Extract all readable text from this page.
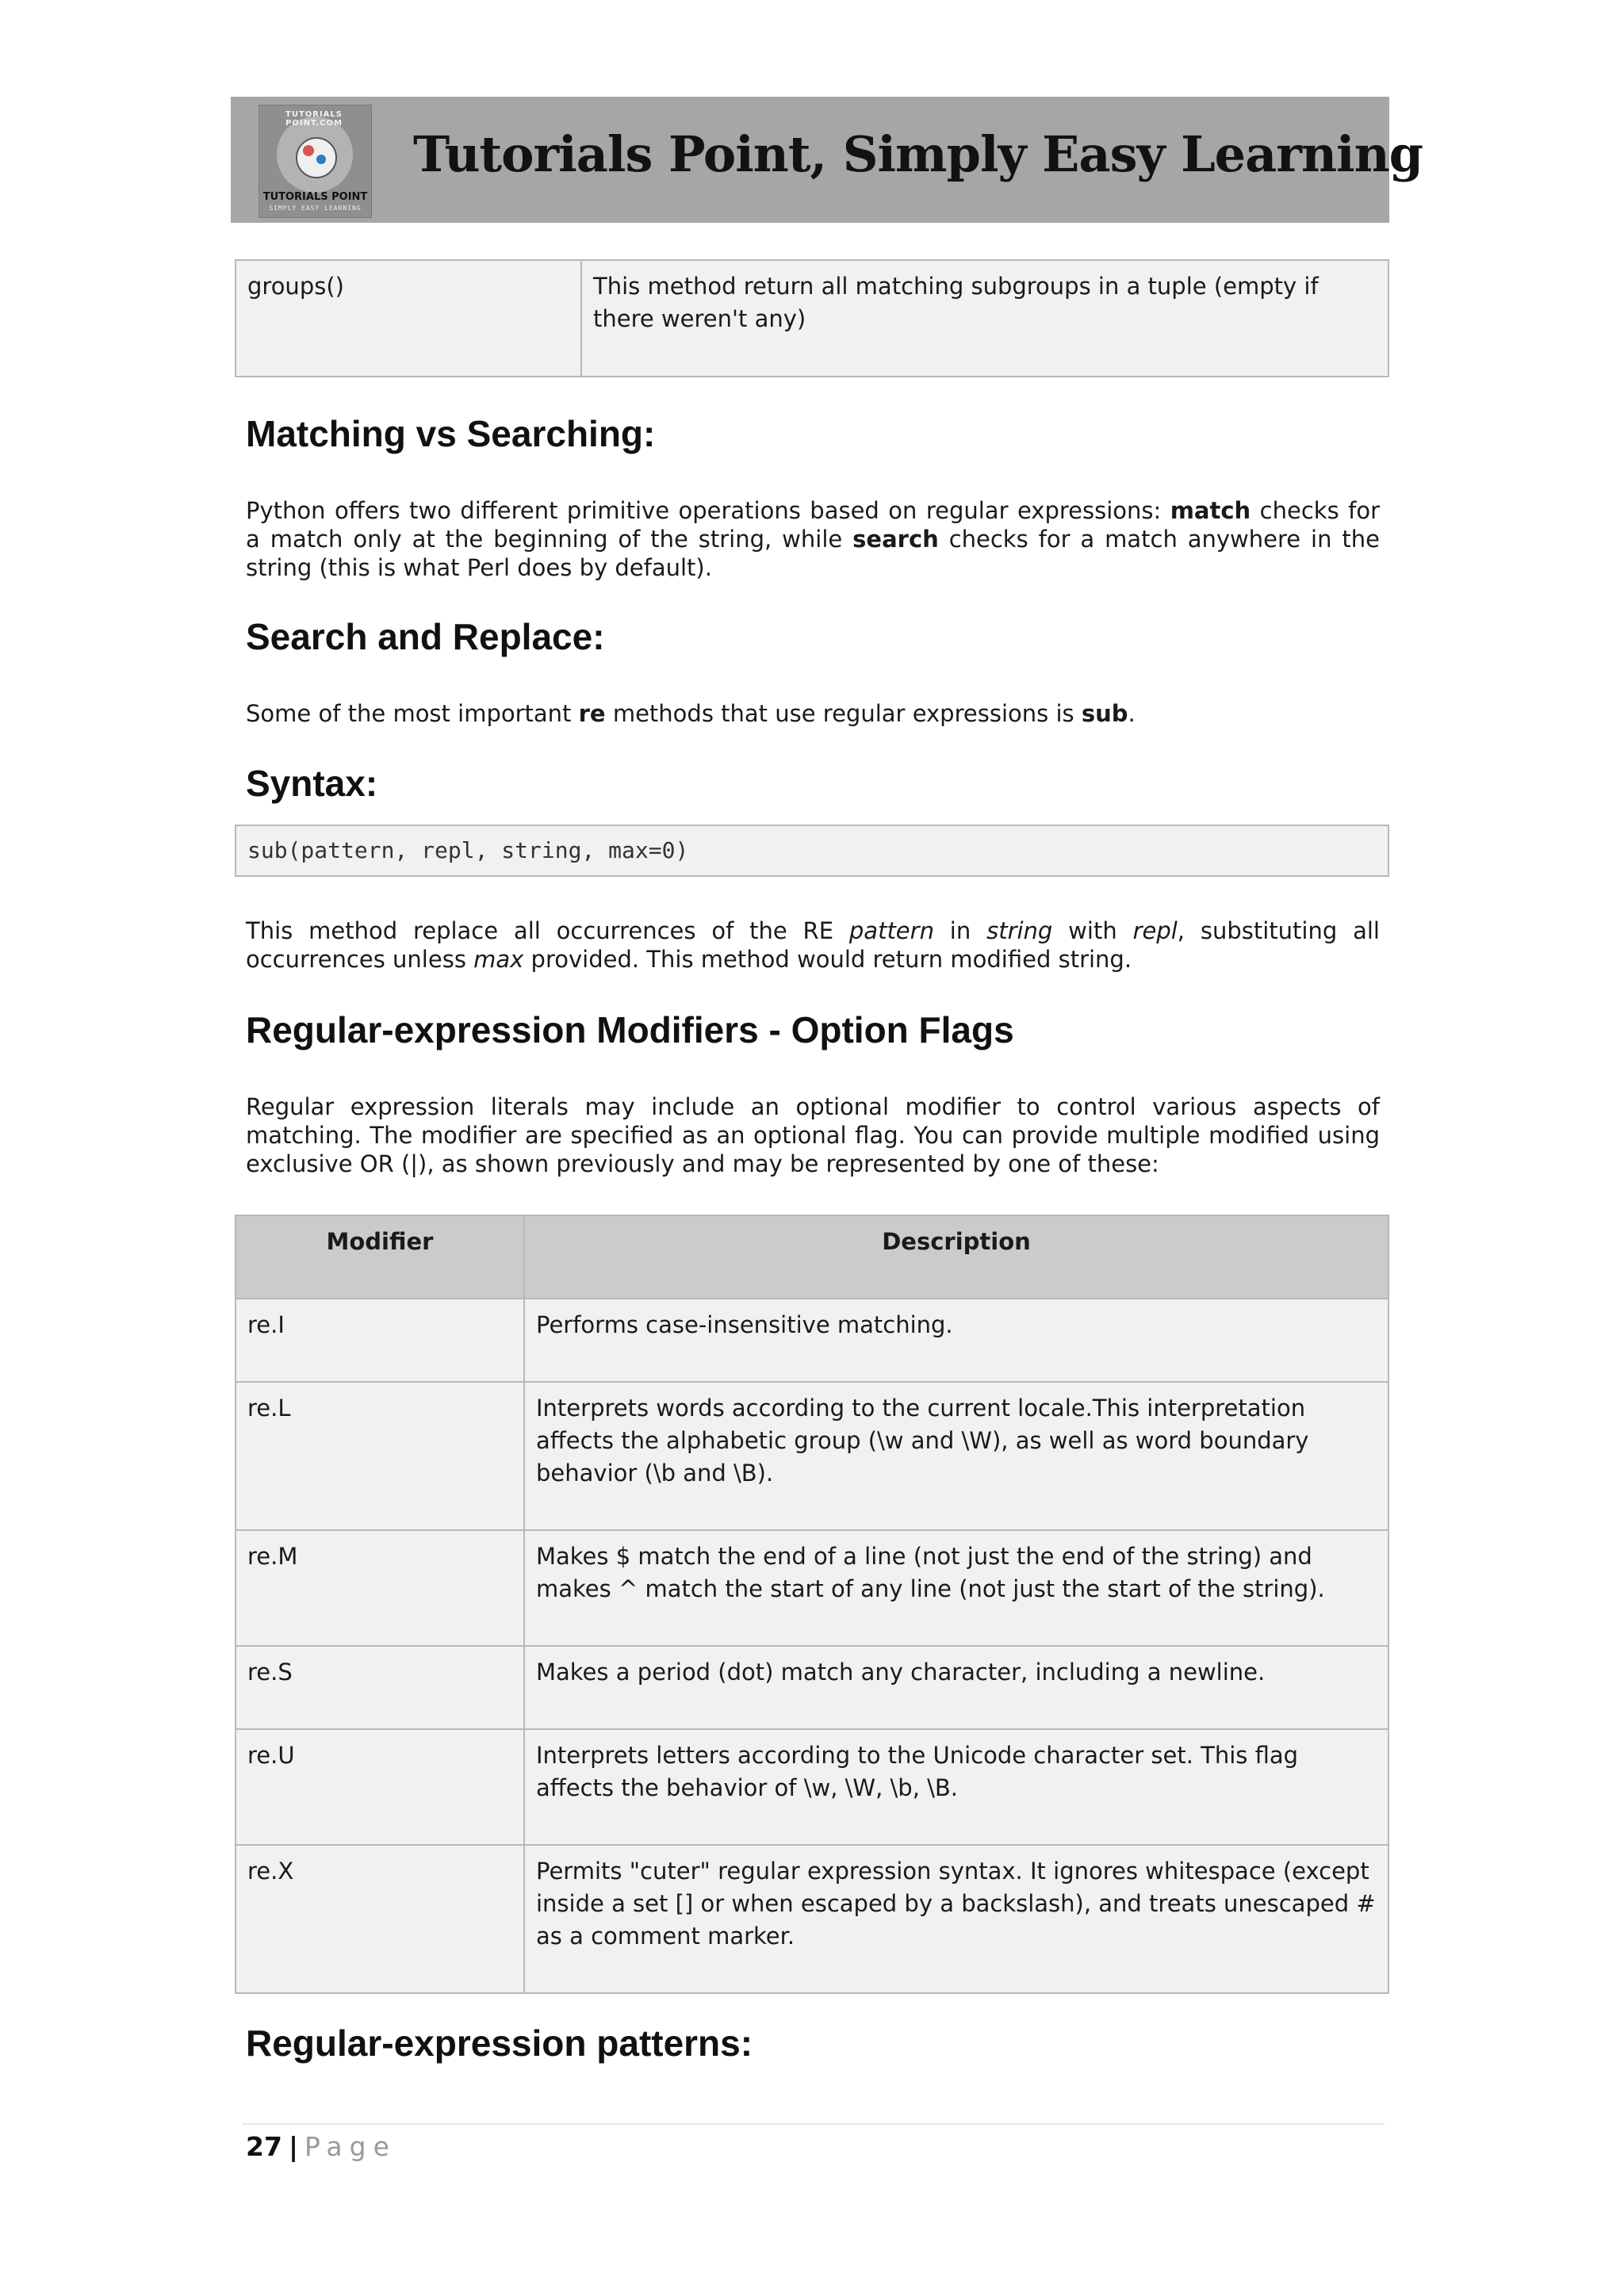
TUTORIALS POINT.COM
TUTORIALS POINT
SIMPLY EASY LEARNING
Tutorials Point, Simply Easy Learning
groups()	This method return all matching subgroups in a tuple (empty if there weren't any)
Matching vs Searching:
Python offers two different primitive operations based on regular expressions: match checks for a match only at the beginning of the string, while search checks for a match anywhere in the string (this is what Perl does by default).
Search and Replace:
Some of the most important re methods that use regular expressions is sub.
Syntax:
sub(pattern, repl, string, max=0)
This method replace all occurrences of the RE pattern in string with repl, substituting all occurrences unless max provided. This method would return modified string.
Regular-expression Modifiers - Option Flags
Regular expression literals may include an optional modifier to control various aspects of matching. The modifier are specified as an optional flag. You can provide multiple modified using exclusive OR (|), as shown previously and may be represented by one of these:
Modifier	Description
re.I	Performs case-insensitive matching.
re.L	Interprets words according to the current locale.This interpretation affects the alphabetic group (\w and \W), as well as word boundary behavior (\b and \B).
re.M	Makes $ match the end of a line (not just the end of the string) and makes ^ match the start of any line (not just the start of the string).
re.S	Makes a period (dot) match any character, including a newline.
re.U	Interprets letters according to the Unicode character set. This flag affects the behavior of \w, \W, \b, \B.
re.X	Permits "cuter" regular expression syntax. It ignores whitespace (except inside a set [] or when escaped by a backslash), and treats unescaped # as a comment marker.
Regular-expression patterns:
27 | Page
